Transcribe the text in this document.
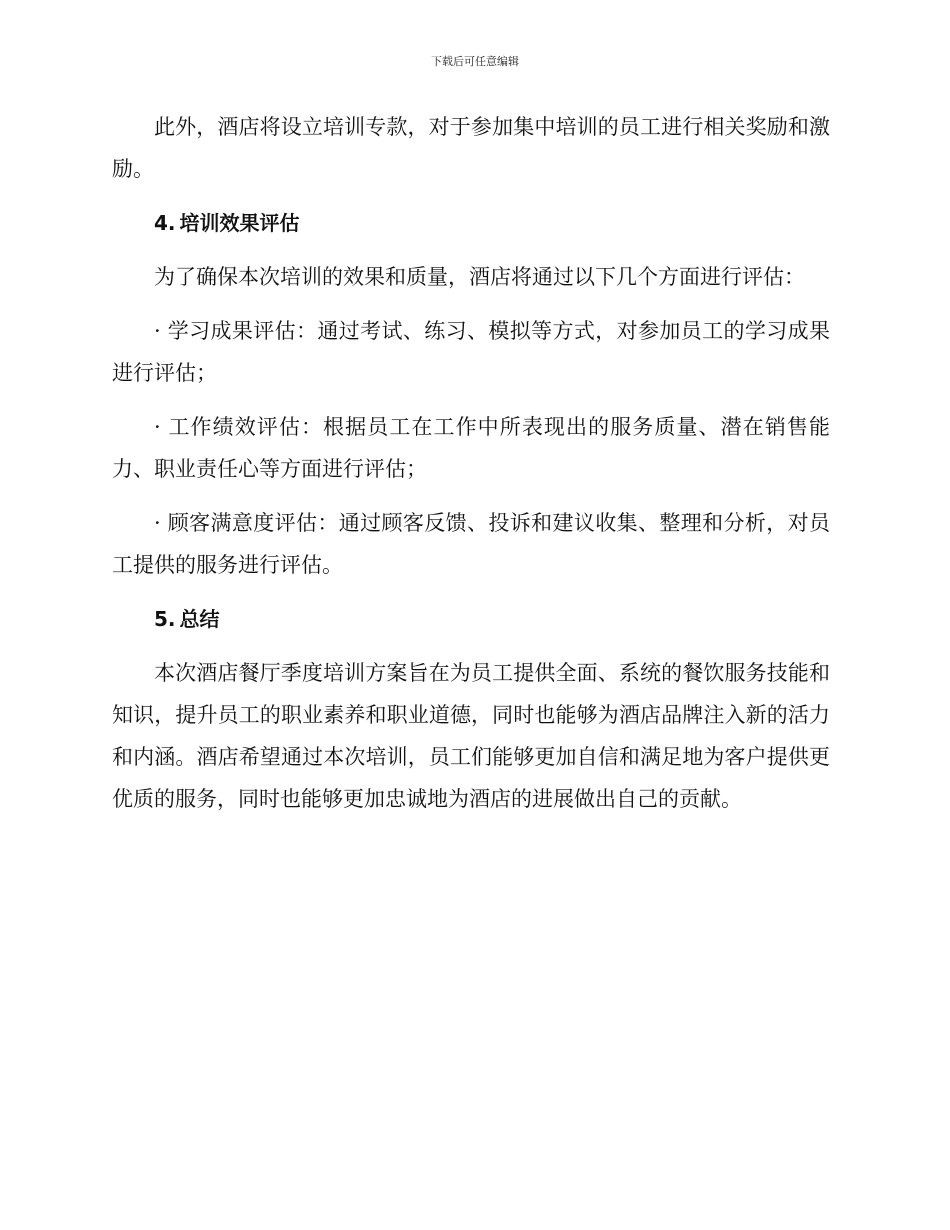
下载后可任意编辑

此外，酒店将设立培训专款，对于参加集中培训的员工进行相关奖励和激励。

4. 培训效果评估

为了确保本次培训的效果和质量，酒店将通过以下几个方面进行评估：

· 学习成果评估：通过考试、练习、模拟等方式，对参加员工的学习成果进行评估；

· 工作绩效评估：根据员工在工作中所表现出的服务质量、潜在销售能力、职业责任心等方面进行评估；

· 顾客满意度评估：通过顾客反馈、投诉和建议收集、整理和分析，对员工提供的服务进行评估。

5. 总结

本次酒店餐厅季度培训方案旨在为员工提供全面、系统的餐饮服务技能和知识，提升员工的职业素养和职业道德，同时也能够为酒店品牌注入新的活力和内涵。酒店希望通过本次培训，员工们能够更加自信和满足地为客户提供更优质的服务，同时也能够更加忠诚地为酒店的进展做出自己的贡献。
